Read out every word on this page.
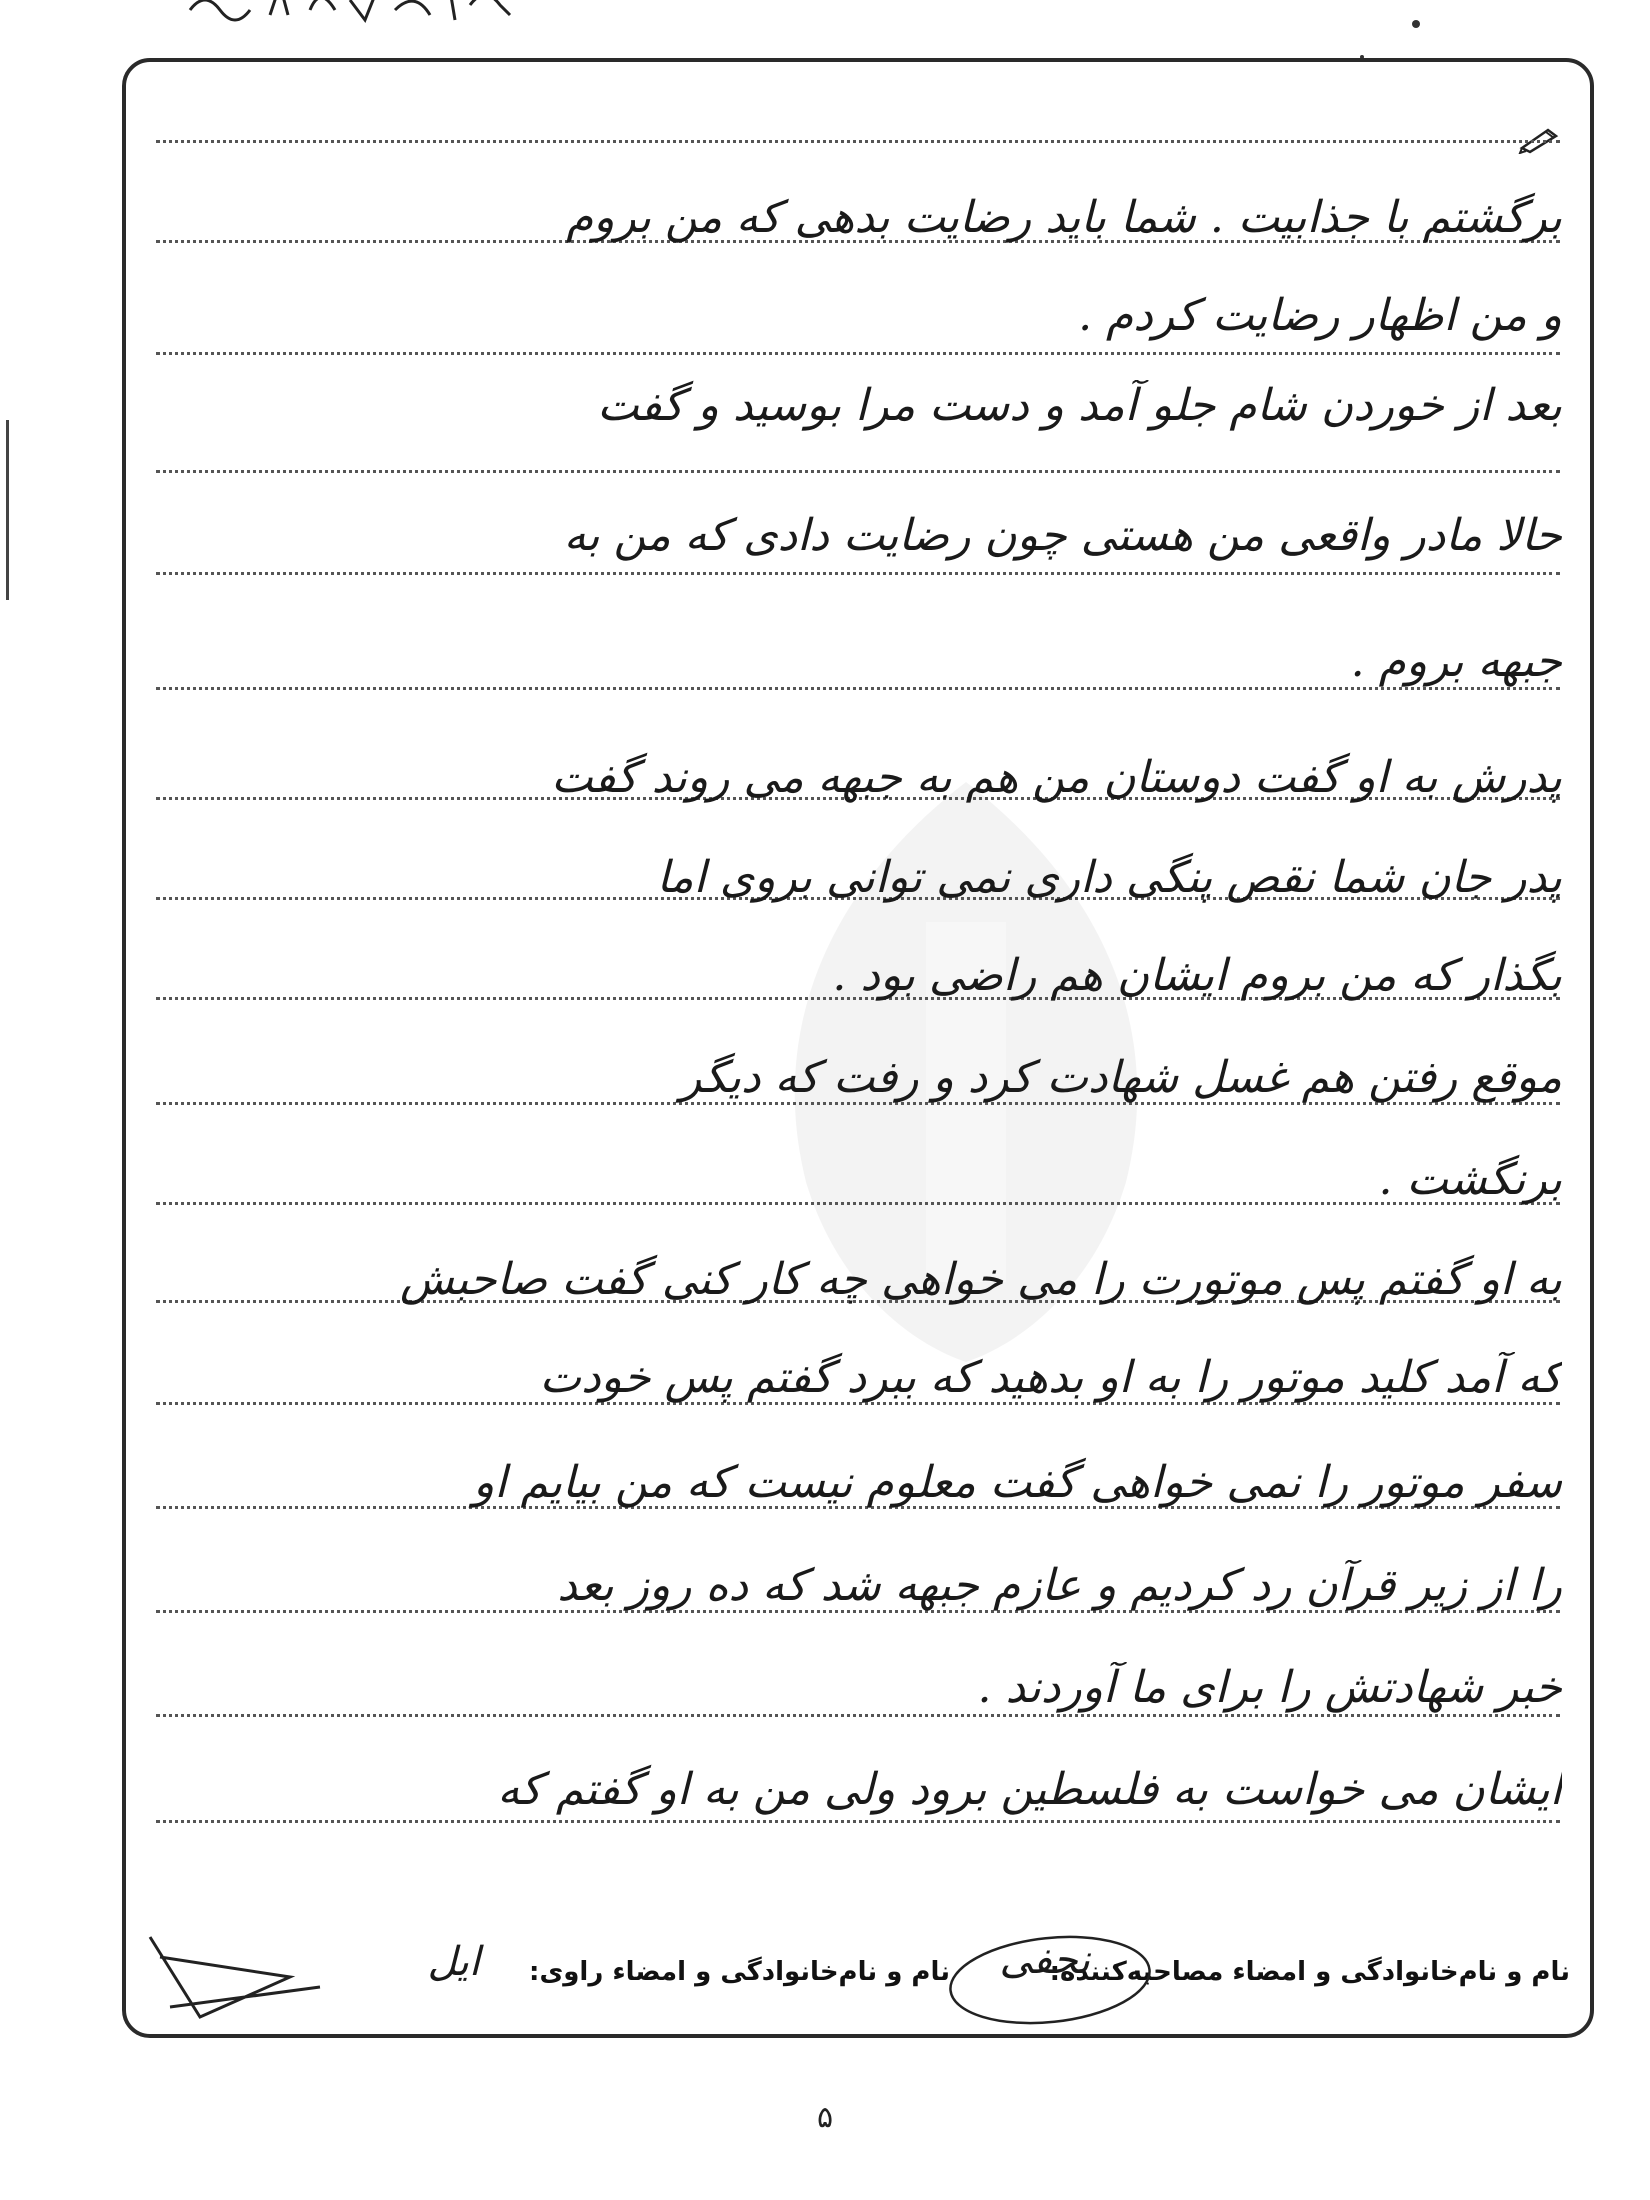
برگشتم با جذابیت . شما باید رضایت بدهی که من بروم
و من اظهار رضایت کردم .
بعد از خوردن شام جلو آمد و دست مرا بوسید و گفت
حالا مادر واقعی من هستی چون رضایت دادی که من به
جبهه بروم .
پدرش به او گفت دوستان من هم به جبهه می روند گفت
پدر جان شما نقص پنگی داری نمی توانی بروی اما
بگذار که من بروم ایشان هم راضی بود .
موقع رفتن هم غسل شهادت کرد و رفت که دیگر
برنگشت .
به او گفتم پس موتورت را می خواهی چه کار کنی گفت صاحبش
که آمد کلید موتور را به او بدهید که ببرد گفتم پس خودت
سفر موتور را نمی خواهی گفت معلوم نیست که من بیایم او
را از زیر قرآن رد کردیم و عازم جبهه شد که ده روز بعد
خبر شهادتش را برای ما آوردند .
ایشان می خواست به فلسطین برود ولی من به او گفتم که
نام و نام‌خانوادگی و امضاء مصاحبه‌کننده:
نجفی
نام و نام‌خانوادگی و امضاء راوی:
ایل
۵
